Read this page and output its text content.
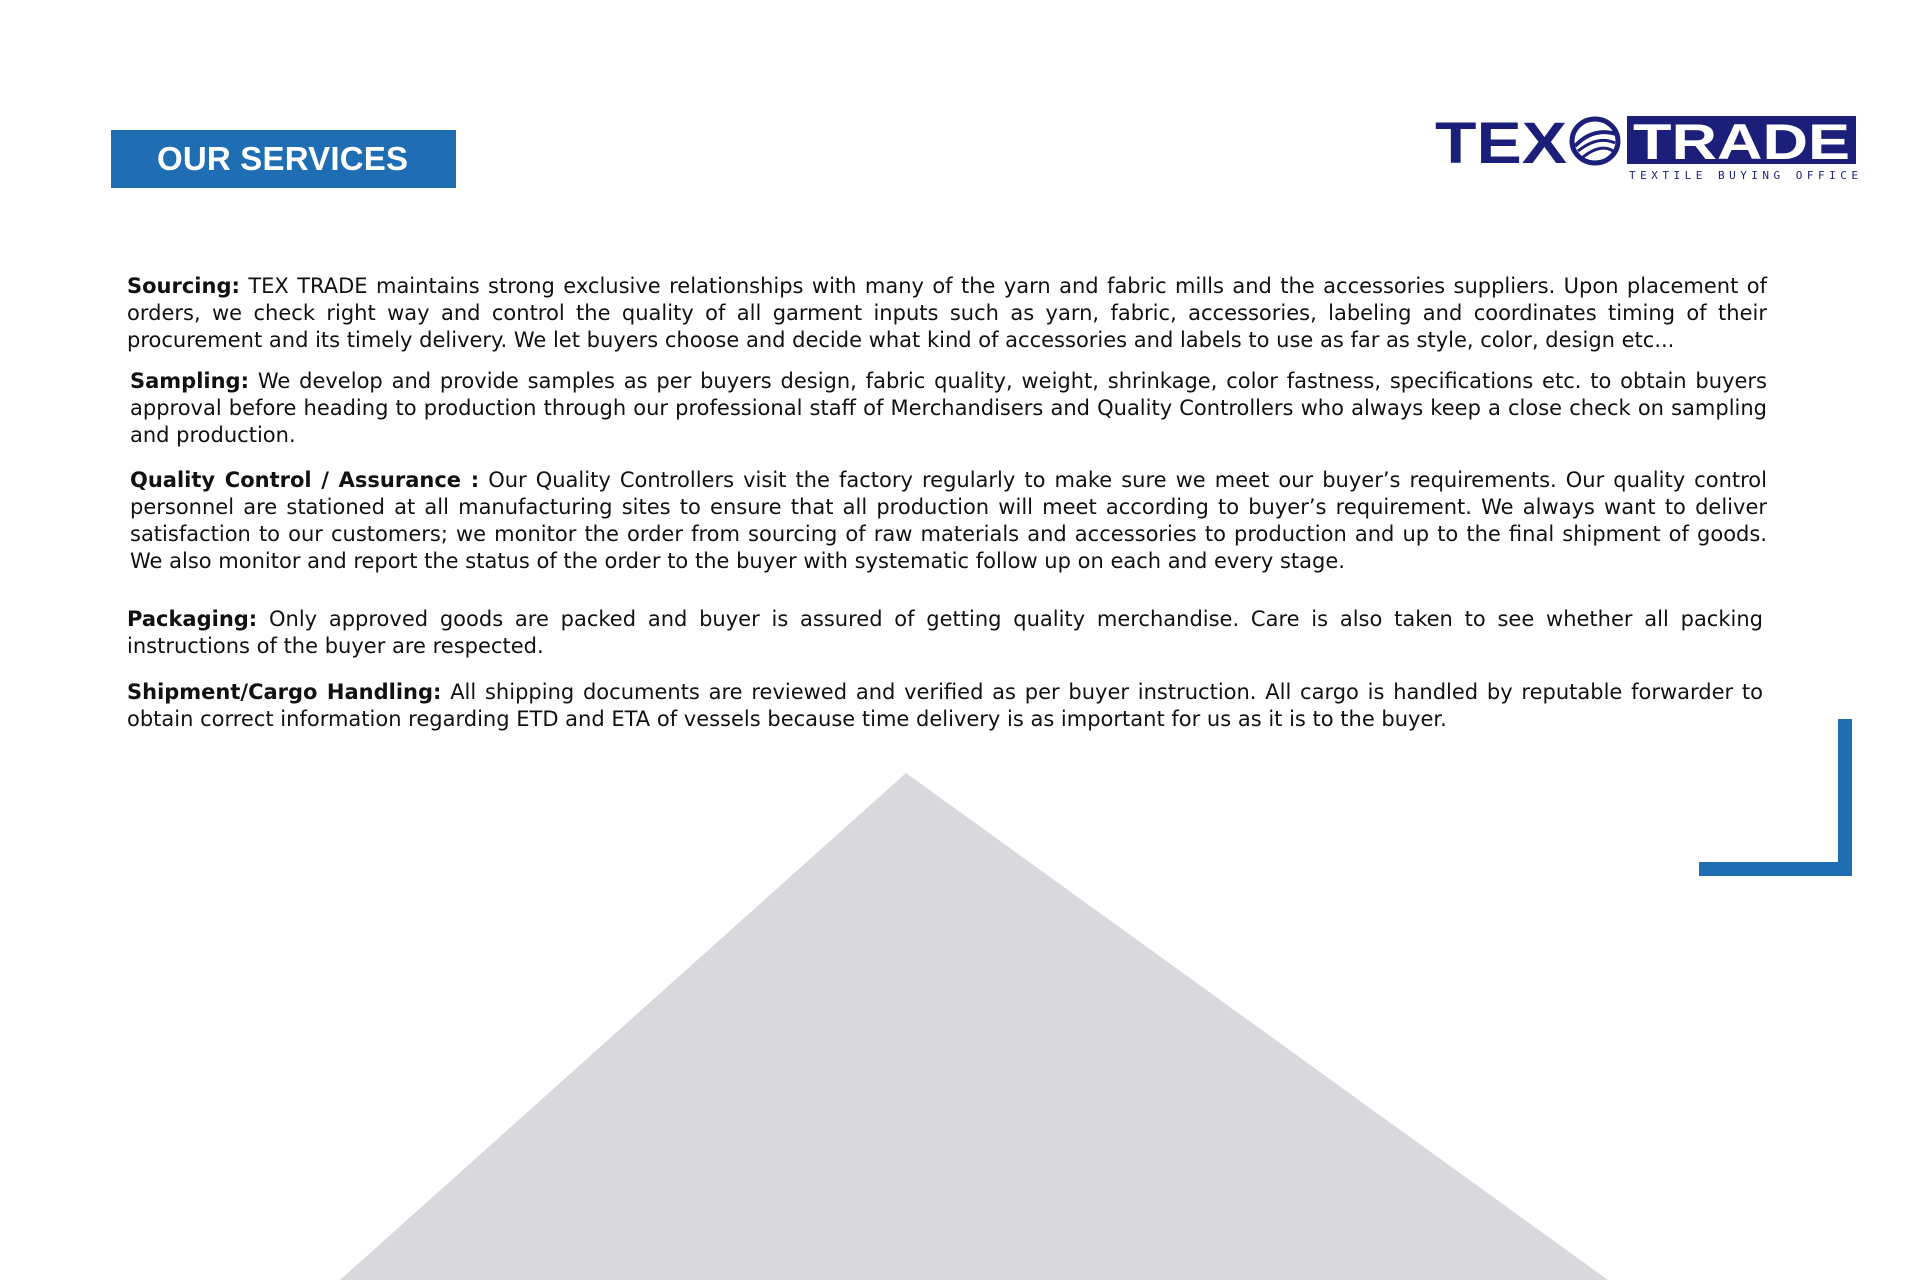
OUR SERVICES	TEX TRADE
TEXTILE BUYING OFFICE

Sourcing: TEX TRADE maintains strong exclusive relationships with many of the yarn and fabric mills and the accessories suppliers. Upon placement of orders, we check right way and control the quality of all garment inputs such as yarn, fabric, accessories, labeling and coordinates timing of their procurement and its timely delivery. We let buyers choose and decide what kind of accessories and labels to use as far as style, color, design etc...

Sampling: We develop and provide samples as per buyers design, fabric quality, weight, shrinkage, color fastness, specifications etc. to obtain buyers approval before heading to production through our professional staff of Merchandisers and Quality Controllers who always keep a close check on sampling and production.

Quality Control / Assurance : Our Quality Controllers visit the factory regularly to make sure we meet our buyer’s requirements. Our quality control personnel are stationed at all manufacturing sites to ensure that all production will meet according to buyer’s requirement. We always want to deliver satisfaction to our customers; we monitor the order from sourcing of raw materials and accessories to production and up to the final shipment of goods. We also monitor and report the status of the order to the buyer with systematic follow up on each and every stage.

Packaging: Only approved goods are packed and buyer is assured of getting quality merchandise. Care is also taken to see whether all packing instructions of the buyer are respected.

Shipment/Cargo Handling: All shipping documents are reviewed and verified as per buyer instruction. All cargo is handled by reputable forwarder to obtain correct information regarding ETD and ETA of vessels because time delivery is as important for us as it is to the buyer.
